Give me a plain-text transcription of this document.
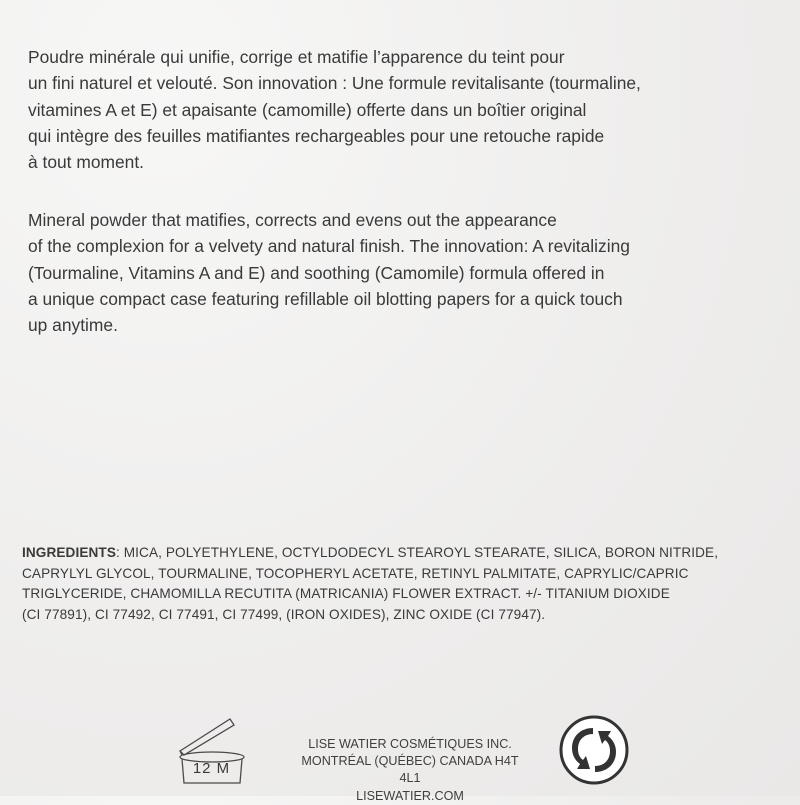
Poudre minérale qui unifie, corrige et matifie l’apparence du teint pour
un fini naturel et velouté. Son innovation : Une formule revitalisante (tourmaline,
vitamines A et E) et apaisante (camomille) offerte dans un boîtier original
qui intègre des feuilles matifiantes rechargeables pour une retouche rapide
à tout moment.
Mineral powder that matifies, corrects and evens out the appearance
of the complexion for a velvety and natural finish. The innovation: A revitalizing
(Tourmaline, Vitamins A and E) and soothing (Camomile) formula offered in
a unique compact case featuring refillable oil blotting papers for a quick touch
up anytime.
INGREDIENTS: MICA, POLYETHYLENE, OCTYLDODECYL STEAROYL STEARATE, SILICA, BORON NITRIDE,
CAPRYLYL GLYCOL, TOURMALINE, TOCOPHERYL ACETATE, RETINYL PALMITATE, CAPRYLIC/CAPRIC
TRIGLYCERIDE, CHAMOMILLA RECUTITA (MATRICANIA) FLOWER EXTRACT. +/- TITANIUM DIOXIDE
(CI 77891), CI 77492, CI 77491, CI 77499, (IRON OXIDES), ZINC OXIDE (CI 77947).
12 M
LISE WATIER COSMÉTIQUES INC.
MONTRÉAL (QUÉBEC) CANADA H4T 4L1
LISEWATIER.COM
